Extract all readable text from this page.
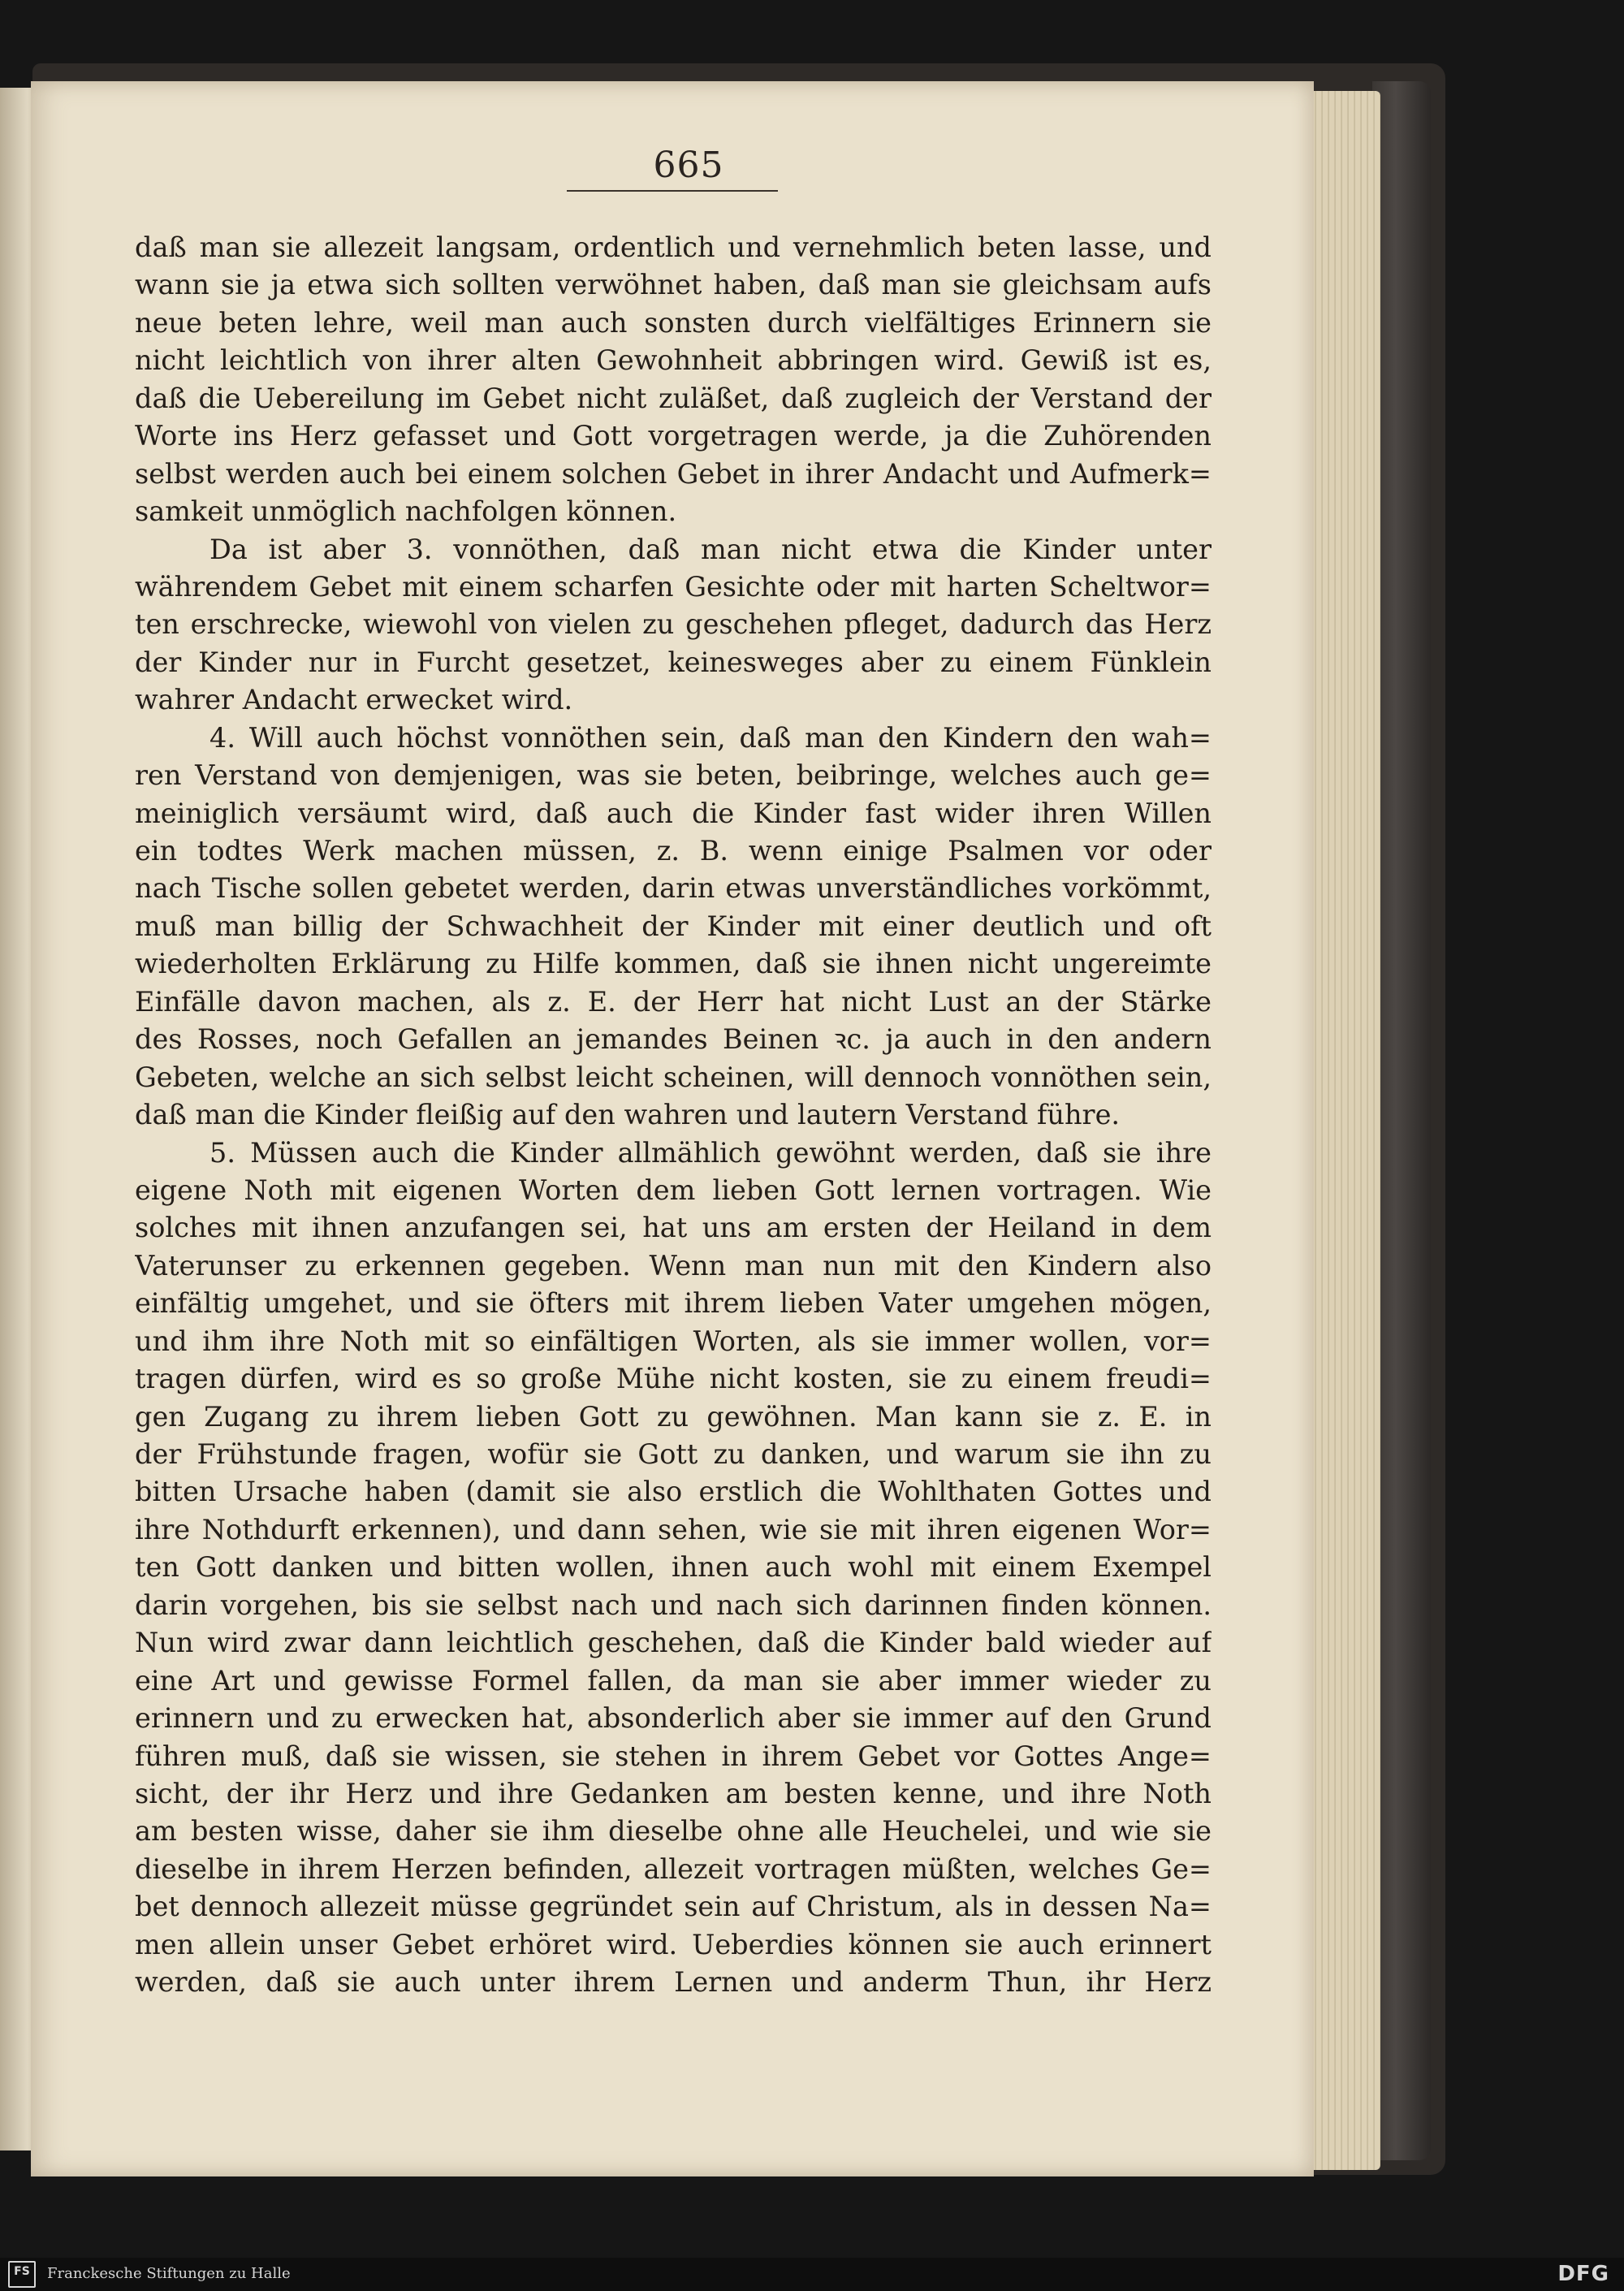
665
daß man sie allezeit langsam, ordentlich und vernehmlich beten lasse, und
wann sie ja etwa sich sollten verwöhnet haben, daß man sie gleichsam aufs
neue beten lehre, weil man auch sonsten durch vielfältiges Erinnern sie
nicht leichtlich von ihrer alten Gewohnheit abbringen wird. Gewiß ist es,
daß die Uebereilung im Gebet nicht zuläßet, daß zugleich der Verstand der
Worte ins Herz gefasset und Gott vorgetragen werde, ja die Zuhörenden
selbst werden auch bei einem solchen Gebet in ihrer Andacht und Aufmerk=
samkeit unmöglich nachfolgen können.
Da ist aber 3. vonnöthen, daß man nicht etwa die Kinder unter
währendem Gebet mit einem scharfen Gesichte oder mit harten Scheltwor=
ten erschrecke, wiewohl von vielen zu geschehen pfleget, dadurch das Herz
der Kinder nur in Furcht gesetzet, keinesweges aber zu einem Fünklein
wahrer Andacht erwecket wird.
4. Will auch höchst vonnöthen sein, daß man den Kindern den wah=
ren Verstand von demjenigen, was sie beten, beibringe, welches auch ge=
meiniglich versäumt wird, daß auch die Kinder fast wider ihren Willen
ein todtes Werk machen müssen, z. B. wenn einige Psalmen vor oder
nach Tische sollen gebetet werden, darin etwas unverständliches vorkömmt,
muß man billig der Schwachheit der Kinder mit einer deutlich und oft
wiederholten Erklärung zu Hilfe kommen, daß sie ihnen nicht ungereimte
Einfälle davon machen, als z. E. der Herr hat nicht Lust an der Stärke
des Rosses, noch Gefallen an jemandes Beinen ꝛc. ja auch in den andern
Gebeten, welche an sich selbst leicht scheinen, will dennoch vonnöthen sein,
daß man die Kinder fleißig auf den wahren und lautern Verstand führe.
5. Müssen auch die Kinder allmählich gewöhnt werden, daß sie ihre
eigene Noth mit eigenen Worten dem lieben Gott lernen vortragen. Wie
solches mit ihnen anzufangen sei, hat uns am ersten der Heiland in dem
Vaterunser zu erkennen gegeben. Wenn man nun mit den Kindern also
einfältig umgehet, und sie öfters mit ihrem lieben Vater umgehen mögen,
und ihm ihre Noth mit so einfältigen Worten, als sie immer wollen, vor=
tragen dürfen, wird es so große Mühe nicht kosten, sie zu einem freudi=
gen Zugang zu ihrem lieben Gott zu gewöhnen. Man kann sie z. E. in
der Frühstunde fragen, wofür sie Gott zu danken, und warum sie ihn zu
bitten Ursache haben (damit sie also erstlich die Wohlthaten Gottes und
ihre Nothdurft erkennen), und dann sehen, wie sie mit ihren eigenen Wor=
ten Gott danken und bitten wollen, ihnen auch wohl mit einem Exempel
darin vorgehen, bis sie selbst nach und nach sich darinnen finden können.
Nun wird zwar dann leichtlich geschehen, daß die Kinder bald wieder auf
eine Art und gewisse Formel fallen, da man sie aber immer wieder zu
erinnern und zu erwecken hat, absonderlich aber sie immer auf den Grund
führen muß, daß sie wissen, sie stehen in ihrem Gebet vor Gottes Ange=
sicht, der ihr Herz und ihre Gedanken am besten kenne, und ihre Noth
am besten wisse, daher sie ihm dieselbe ohne alle Heuchelei, und wie sie
dieselbe in ihrem Herzen befinden, allezeit vortragen müßten, welches Ge=
bet dennoch allezeit müsse gegründet sein auf Christum, als in dessen Na=
men allein unser Gebet erhöret wird. Ueberdies können sie auch erinnert
werden, daß sie auch unter ihrem Lernen und anderm Thun, ihr Herz
FS Franckesche Stiftungen zu Halle	DFG
